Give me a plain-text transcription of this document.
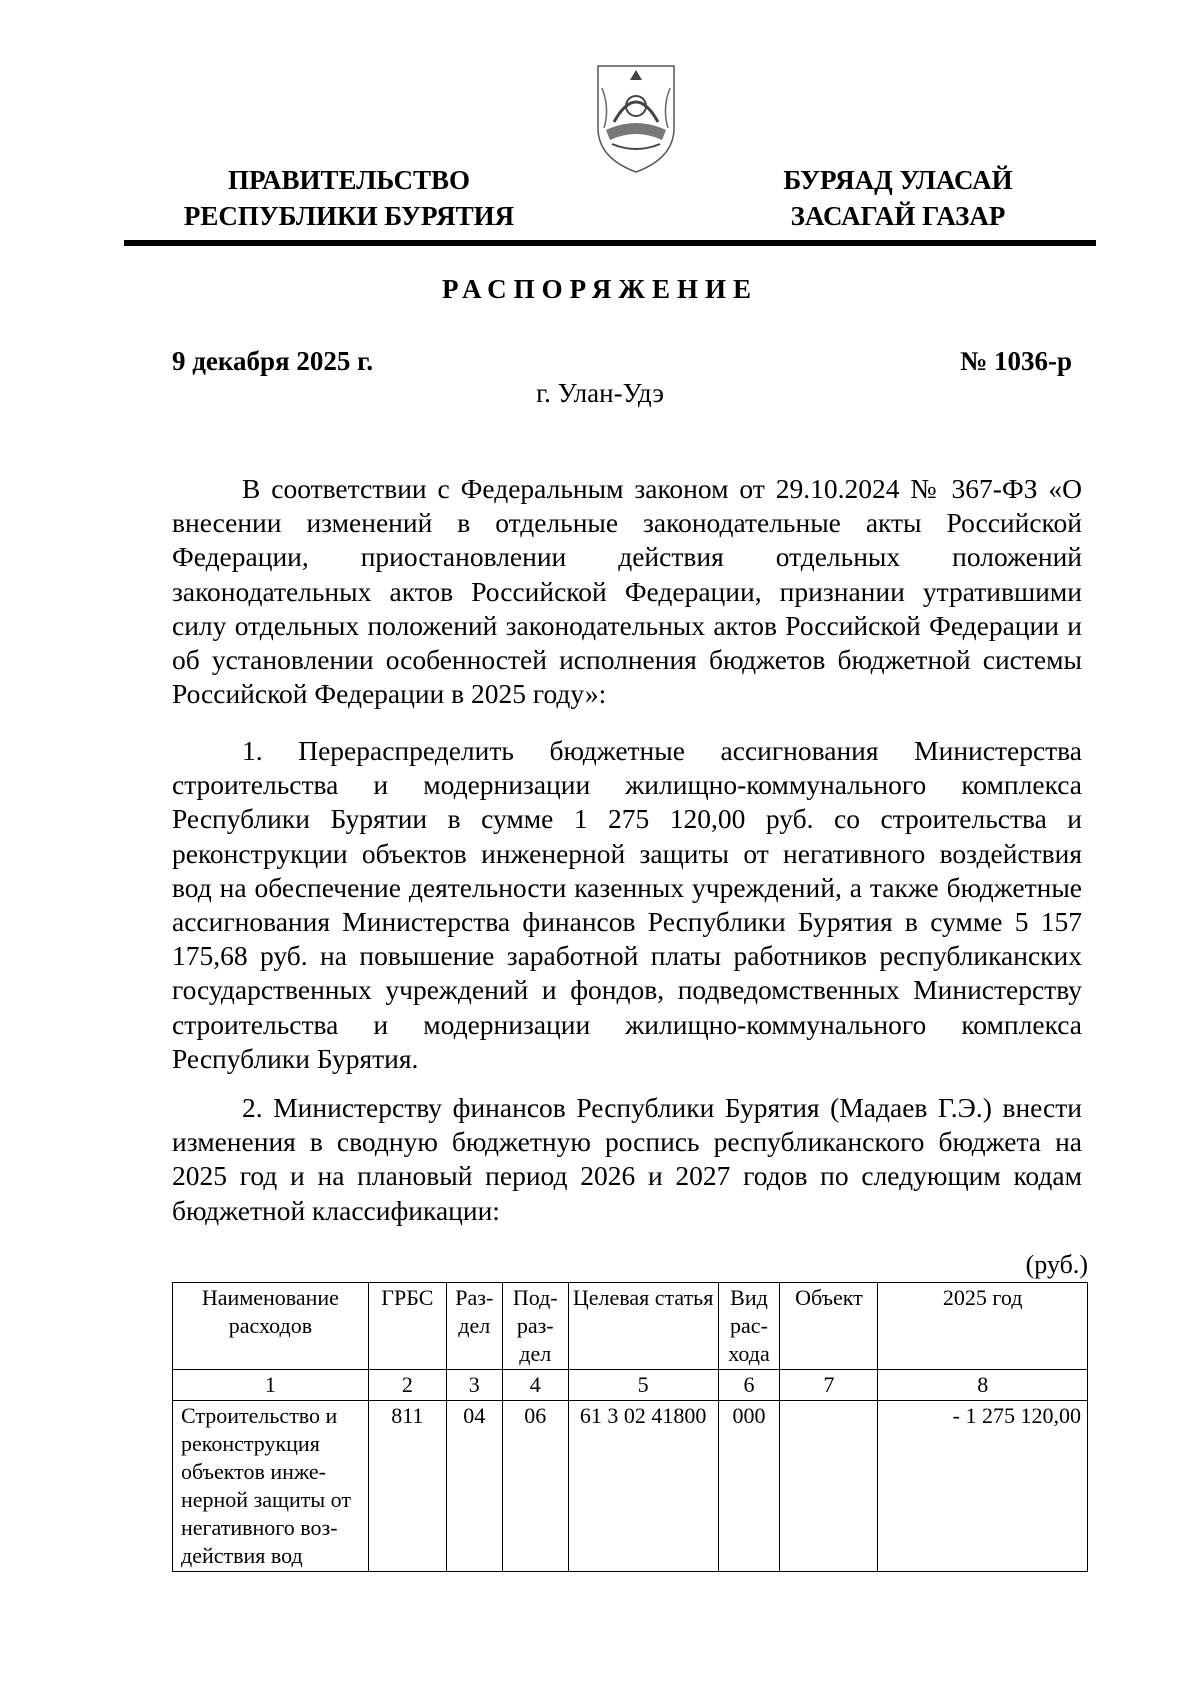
ПРАВИТЕЛЬСТВО
РЕСПУБЛИКИ БУРЯТИЯ
БУРЯАД УЛАСАЙ
ЗАСАГАЙ ГАЗАР
РАСПОРЯЖЕНИЕ
9 декабря 2025 г.	№ 1036-р
г. Улан-Удэ

В соответствии с Федеральным законом от 29.10.2024 № 367-ФЗ «О внесении изменений в отдельные законодательные акты Российской Федерации, приостановлении действия отдельных положений законодательных актов Российской Федерации, признании утратившими силу отдельных положений законодательных актов Российской Федерации и об установлении особенностей исполнения бюджетов бюджетной системы Российской Федерации в 2025 году»:

1. Перераспределить бюджетные ассигнования Министерства строительства и модернизации жилищно-коммунального комплекса Республики Бурятии в сумме 1 275 120,00 руб. со строительства и реконструкции объектов инженерной защиты от негативного воздействия вод на обеспечение деятельности казенных учреждений, а также бюджетные ассигнования Министерства финансов Республики Бурятия в сумме 5 157 175,68 руб. на повышение заработной платы работников республиканских государственных учреждений и фондов, подведомственных Министерству строительства и модернизации жилищно-коммунального комплекса Республики Бурятия.

2. Министерству финансов Республики Бурятия (Мадаев Г.Э.) внести изменения в сводную бюджетную роспись республиканского бюджета на 2025 год и на плановый период 2026 и 2027 годов по следующим кодам бюджетной классификации:

(руб.)
Наименование расходов	ГРБС	Раз-дел	Под-раз-дел	Целевая статья	Вид рас-хода	Объект	2025 год
1	2	3	4	5	6	7	8
Строительство и реконструкция объектов инже-нерной защиты от негативного воз-действия вод	811	04	06	61 3 02 41800	000		- 1 275 120,00
